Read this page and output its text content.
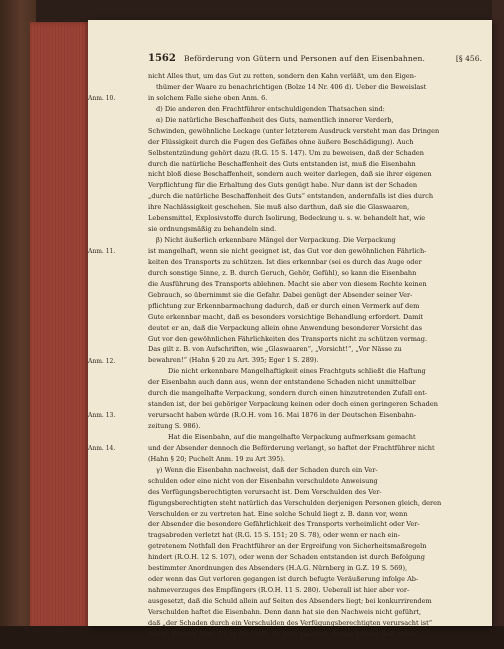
1562 Beförderung von Gütern und Personen auf den Eisenbahnen.	[§ 456.
nicht Alles thut, um das Gut zu retten, sondern den Kahn verläßt, um den Eigen-
thümer der Waare zu benachrichtigen (Bolze 14 Nr. 406 d). Ueber die Beweislast
in solchem Falle siehe oben Anm. 6.
d) Die anderen den Frachtführer entschuldigenden Thatsachen sind:
α) Die natürliche Beschaffenheit des Guts, namentlich innerer Verderb,
Schwinden, gewöhnliche Leckage (unter letzterem Ausdruck versteht man das Dringen
der Flüssigkeit durch die Fugen des Gefäßes ohne äußere Beschädigung). Auch
Selbstentzündung gehört dazu (R.G. 15 S. 147). Um zu beweisen, daß der Schaden
durch die natürliche Beschaffenheit des Guts entstanden ist, muß die Eisenbahn
nicht bloß diese Beschaffenheit, sondern auch weiter darlegen, daß sie ihrer eigenen
Verpflichtung für die Erhaltung des Guts genügt habe. Nur dann ist der Schaden
„durch die natürliche Beschaffenheit des Guts“ entstanden, andernfalls ist dies durch
ihre Nachlässigkeit geschehen. Sie muß also darthun, daß sie die Glaswaaren,
Lebensmittel, Explosivstoffe durch Isolirung, Bedeckung u. s. w. behandelt hat, wie
sie ordnungsmäßig zu behandeln sind.
β) Nicht äußerlich erkennbare Mängel der Verpackung. Die Verpackung
ist mangelhaft, wenn sie nicht geeignet ist, das Gut vor den gewöhnlichen Fährlich-
keiten des Transports zu schützen. Ist dies erkennbar (sei es durch das Auge oder
durch sonstige Sinne, z. B. durch Geruch, Gehör, Gefühl), so kann die Eisenbahn
die Ausführung des Transports ablehnen. Macht sie aber von diesem Rechte keinen
Gebrauch, so übernimmt sie die Gefahr. Dabei genügt der Absender seiner Ver-
pflichtung zur Erkennbarmachung dadurch, daß er durch einen Vermerk auf dem
Gute erkennbar macht, daß es besonders vorsichtige Behandlung erfordert. Damit
deutet er an, daß die Verpackung allein ohne Anwendung besonderer Vorsicht das
Gut vor den gewöhnlichen Fährlichkeiten des Transports nicht zu schützen vermag.
Das gilt z. B. von Aufschriften, wie „Glaswaaren“, „Vorsicht!“, „Vor Nässe zu
bewahren!“ (Hahn § 20 zu Art. 395; Eger 1 S. 289).
Die nicht erkennbare Mangelhaftigkeit eines Frachtguts schließt die Haftung
der Eisenbahn auch dann aus, wenn der entstandene Schaden nicht unmittelbar
durch die mangelhafte Verpackung, sondern durch einen hinzutretenden Zufall ent-
standen ist, der bei gehöriger Verpackung keinen oder doch einen geringeren Schaden
verursacht haben würde (R.O.H. vom 16. Mai 1876 in der Deutschen Eisenbahn-
zeitung S. 986).
Hat die Eisenbahn, auf die mangelhafte Verpackung aufmerksam gemacht
und der Absender dennoch die Beförderung verlangt, so haftet der Frachtführer nicht
(Hahn § 20; Puchelt Anm. 19 zu Art 395).
γ) Wenn die Eisenbahn nachweist, daß der Schaden durch ein Ver-
schulden oder eine nicht von der Eisenbahn verschuldete Anweisung
des Verfügungsberechtigten verursacht ist. Dem Verschulden des Ver-
fügungsberechtigten steht natürlich das Verschulden derjenigen Personen gleich, deren
Verschulden er zu vertreten hat. Eine solche Schuld liegt z. B. dann vor, wenn
der Absender die besondere Gefährlichkeit des Transports verheimlicht oder Ver-
tragsabreden verletzt hat (R.G. 15 S. 151; 20 S. 78), oder wenn er nach ein-
getretenem Nothfall den Frachtführer an der Ergreifung von Sicherheitsmaßregeln
hindert (R.O.H. 12 S. 107), oder wenn der Schaden entstanden ist durch Befolgung
bestimmter Anordnungen des Absenders (H.A.G. Nürnberg in G.Z. 19 S. 569),
oder wenn das Gut verloren gegangen ist durch befugte Veräußerung infolge Ab-
nahmeverzuges des Empfängers (R.O.H. 11 S. 280). Ueberall ist hier aber vor-
ausgesetzt, daß die Schuld allein auf Seiten des Absenders liegt; bei konkurrirendem
Verschulden haftet die Eisenbahn. Denn dann hat sie den Nachweis nicht geführt,
daß „der Schaden durch ein Verschulden des Verfügungsberechtigten verursacht ist“
(vergl. Förtsch Anm. 13 zu Art. 395). Es geht das auch daraus hervor, daß, wenn
Anm. 10.
Anm. 11.
Anm. 12.
Anm. 13.
Anm. 14.
